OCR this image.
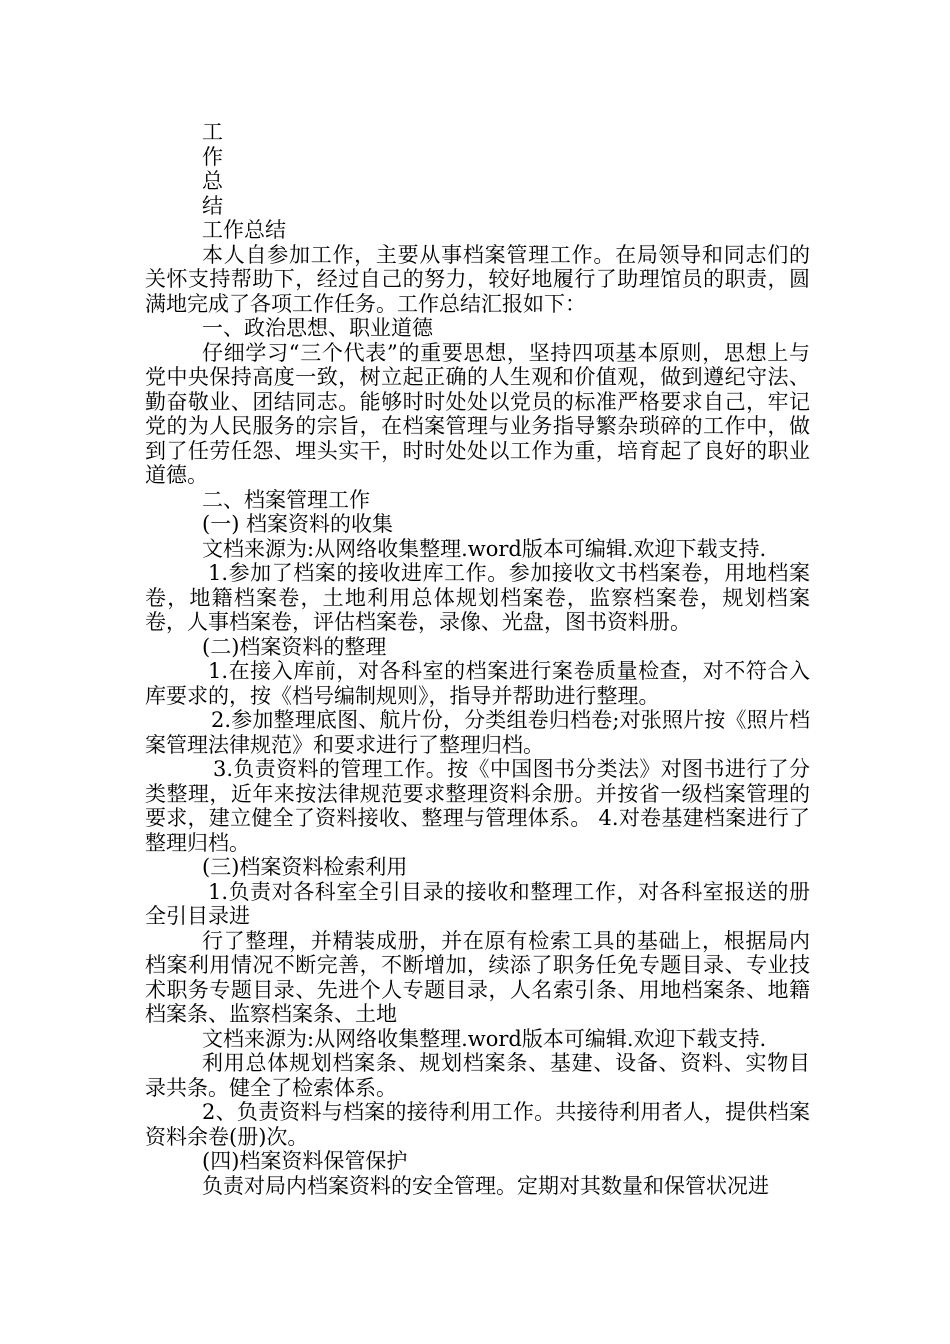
工
作
总
结

工作总结

本人自参加工作，主要从事档案管理工作。在局领导和同志们的关怀支持帮助下，经过自己的努力，较好地履行了助理馆员的职责，圆满地完成了各项工作任务。工作总结汇报如下：

一、政治思想、职业道德

仔细学习“三个代表”的重要思想，坚持四项基本原则，思想上与党中央保持高度一致，树立起正确的人生观和价值观，做到遵纪守法、勤奋敬业、团结同志。能够时时处处以党员的标准严格要求自己，牢记党的为人民服务的宗旨，在档案管理与业务指导繁杂琐碎的工作中，做到了任劳任怨、埋头实干，时时处处以工作为重，培育起了良好的职业道德。

二、档案管理工作

(一) 档案资料的收集

文档来源为:从网络收集整理.word版本可编辑.欢迎下载支持.

1.参加了档案的接收进库工作。参加接收文书档案卷，用地档案卷，地籍档案卷，土地利用总体规划档案卷，监察档案卷，规划档案卷，人事档案卷，评估档案卷，录像、光盘，图书资料册。

(二)档案资料的整理

1.在接入库前，对各科室的档案进行案卷质量检查，对不符合入库要求的，按《档号编制规则》，指导并帮助进行整理。

2.参加整理底图、航片份，分类组卷归档卷;对张照片按《照片档案管理法律规范》和要求进行了整理归档。

3.负责资料的管理工作。按《中国图书分类法》对图书进行了分类整理，近年来按法律规范要求整理资料余册。并按省一级档案管理的要求，建立健全了资料接收、整理与管理体系。 4.对卷基建档案进行了整理归档。

(三)档案资料检索利用

1.负责对各科室全引目录的接收和整理工作，对各科室报送的册全引目录进

行了整理，并精装成册，并在原有检索工具的基础上，根据局内档案利用情况不断完善，不断增加，续添了职务任免专题目录、专业技术职务专题目录、先进个人专题目录，人名索引条、用地档案条、地籍档案条、监察档案条、土地

文档来源为:从网络收集整理.word版本可编辑.欢迎下载支持.

利用总体规划档案条、规划档案条、基建、设备、资料、实物目录共条。健全了检索体系。

2、负责资料与档案的接待利用工作。共接待利用者人，提供档案资料余卷(册)次。

(四)档案资料保管保护

负责对局内档案资料的安全管理。定期对其数量和保管状况进
